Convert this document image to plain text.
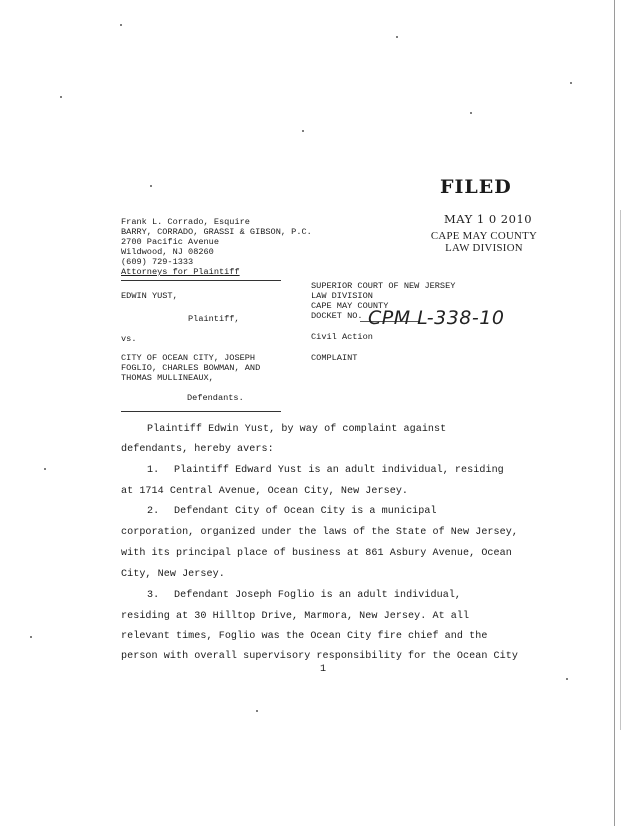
FILED
MAY 1 0 2010
CAPE MAY COUNTY
LAW DIVISION
Frank L. Corrado, Esquire
BARRY, CORRADO, GRASSI & GIBSON, P.C.
2700 Pacific Avenue
Wildwood, NJ 08260
(609) 729-1333
Attorneys for Plaintiff
EDWIN YUST,
Plaintiff,
vs.
CITY OF OCEAN CITY, JOSEPH
FOGLIO, CHARLES BOWMAN, AND
THOMAS MULLINEAUX,
Defendants.
SUPERIOR COURT OF NEW JERSEY
LAW DIVISION
CAPE MAY COUNTY
DOCKET NO. CPM L-338-10
Civil Action
COMPLAINT
Plaintiff Edwin Yust, by way of complaint against
defendants, hereby avers:
1. Plaintiff Edward Yust is an adult individual, residing
at 1714 Central Avenue, Ocean City, New Jersey.
2. Defendant City of Ocean City is a municipal
corporation, organized under the laws of the State of New Jersey,
with its principal place of business at 861 Asbury Avenue, Ocean
City, New Jersey.
3. Defendant Joseph Foglio is an adult individual,
residing at 30 Hilltop Drive, Marmora, New Jersey. At all
relevant times, Foglio was the Ocean City fire chief and the
person with overall supervisory responsibility for the Ocean City
1
